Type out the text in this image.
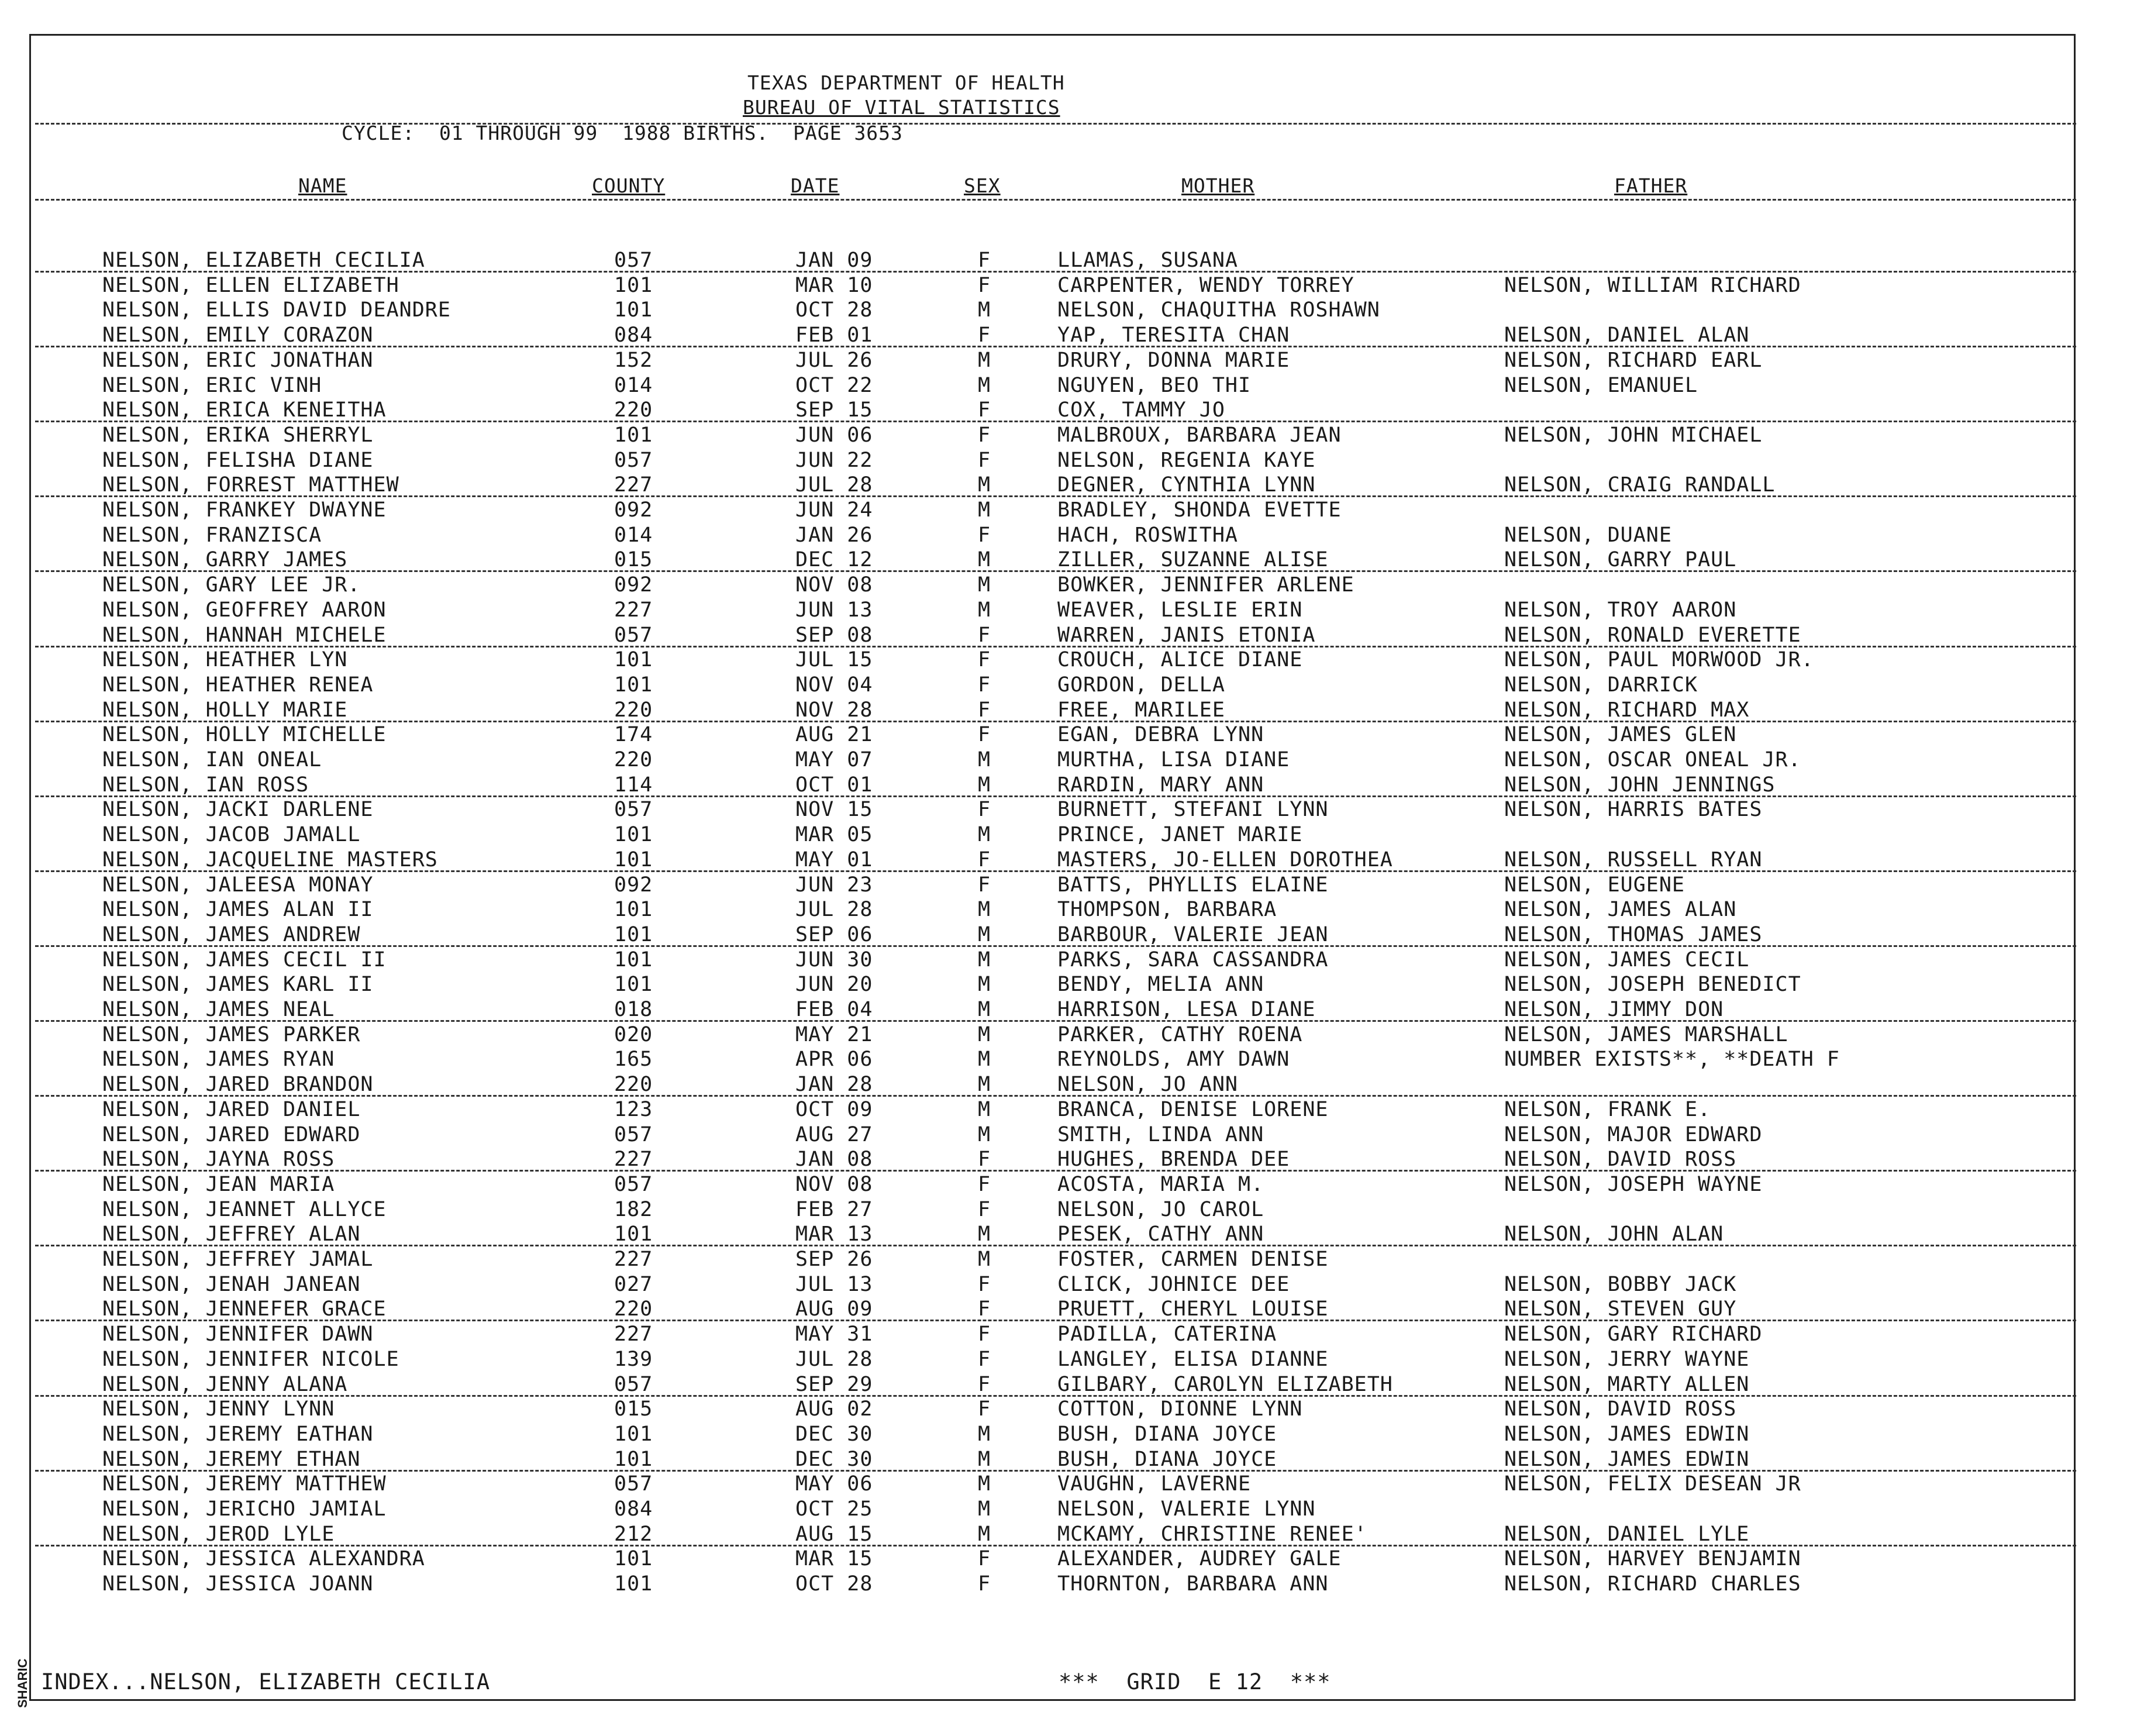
SHARIC
TEXAS DEPARTMENT OF HEALTH
BUREAU OF VITAL STATISTICS
CYCLE:  01 THROUGH 99  1988 BIRTHS.  PAGE 3653
NAME	COUNTY	DATE	SEX	MOTHER	FATHER
NELSON, ELIZABETH CECILIA	057	JAN 09	F	LLAMAS, SUSANA
NELSON, ELLEN ELIZABETH	101	MAR 10	F	CARPENTER, WENDY TORREY	NELSON, WILLIAM RICHARD
NELSON, ELLIS DAVID DEANDRE	101	OCT 28	M	NELSON, CHAQUITHA ROSHAWN
NELSON, EMILY CORAZON	084	FEB 01	F	YAP, TERESITA CHAN	NELSON, DANIEL ALAN
NELSON, ERIC JONATHAN	152	JUL 26	M	DRURY, DONNA MARIE	NELSON, RICHARD EARL
NELSON, ERIC VINH	014	OCT 22	M	NGUYEN, BEO THI	NELSON, EMANUEL
NELSON, ERICA KENEITHA	220	SEP 15	F	COX, TAMMY JO
NELSON, ERIKA SHERRYL	101	JUN 06	F	MALBROUX, BARBARA JEAN	NELSON, JOHN MICHAEL
NELSON, FELISHA DIANE	057	JUN 22	F	NELSON, REGENIA KAYE
NELSON, FORREST MATTHEW	227	JUL 28	M	DEGNER, CYNTHIA LYNN	NELSON, CRAIG RANDALL
NELSON, FRANKEY DWAYNE	092	JUN 24	M	BRADLEY, SHONDA EVETTE
NELSON, FRANZISCA	014	JAN 26	F	HACH, ROSWITHA	NELSON, DUANE
NELSON, GARRY JAMES	015	DEC 12	M	ZILLER, SUZANNE ALISE	NELSON, GARRY PAUL
NELSON, GARY LEE JR.	092	NOV 08	M	BOWKER, JENNIFER ARLENE
NELSON, GEOFFREY AARON	227	JUN 13	M	WEAVER, LESLIE ERIN	NELSON, TROY AARON
NELSON, HANNAH MICHELE	057	SEP 08	F	WARREN, JANIS ETONIA	NELSON, RONALD EVERETTE
NELSON, HEATHER LYN	101	JUL 15	F	CROUCH, ALICE DIANE	NELSON, PAUL MORWOOD JR.
NELSON, HEATHER RENEA	101	NOV 04	F	GORDON, DELLA	NELSON, DARRICK
NELSON, HOLLY MARIE	220	NOV 28	F	FREE, MARILEE	NELSON, RICHARD MAX
NELSON, HOLLY MICHELLE	174	AUG 21	F	EGAN, DEBRA LYNN	NELSON, JAMES GLEN
NELSON, IAN ONEAL	220	MAY 07	M	MURTHA, LISA DIANE	NELSON, OSCAR ONEAL JR.
NELSON, IAN ROSS	114	OCT 01	M	RARDIN, MARY ANN	NELSON, JOHN JENNINGS
NELSON, JACKI DARLENE	057	NOV 15	F	BURNETT, STEFANI LYNN	NELSON, HARRIS BATES
NELSON, JACOB JAMALL	101	MAR 05	M	PRINCE, JANET MARIE
NELSON, JACQUELINE MASTERS	101	MAY 01	F	MASTERS, JO-ELLEN DOROTHEA	NELSON, RUSSELL RYAN
NELSON, JALEESA MONAY	092	JUN 23	F	BATTS, PHYLLIS ELAINE	NELSON, EUGENE
NELSON, JAMES ALAN II	101	JUL 28	M	THOMPSON, BARBARA	NELSON, JAMES ALAN
NELSON, JAMES ANDREW	101	SEP 06	M	BARBOUR, VALERIE JEAN	NELSON, THOMAS JAMES
NELSON, JAMES CECIL II	101	JUN 30	M	PARKS, SARA CASSANDRA	NELSON, JAMES CECIL
NELSON, JAMES KARL II	101	JUN 20	M	BENDY, MELIA ANN	NELSON, JOSEPH BENEDICT
NELSON, JAMES NEAL	018	FEB 04	M	HARRISON, LESA DIANE	NELSON, JIMMY DON
NELSON, JAMES PARKER	020	MAY 21	M	PARKER, CATHY ROENA	NELSON, JAMES MARSHALL
NELSON, JAMES RYAN	165	APR 06	M	REYNOLDS, AMY DAWN	NUMBER EXISTS**, **DEATH F
NELSON, JARED BRANDON	220	JAN 28	M	NELSON, JO ANN
NELSON, JARED DANIEL	123	OCT 09	M	BRANCA, DENISE LORENE	NELSON, FRANK E.
NELSON, JARED EDWARD	057	AUG 27	M	SMITH, LINDA ANN	NELSON, MAJOR EDWARD
NELSON, JAYNA ROSS	227	JAN 08	F	HUGHES, BRENDA DEE	NELSON, DAVID ROSS
NELSON, JEAN MARIA	057	NOV 08	F	ACOSTA, MARIA M.	NELSON, JOSEPH WAYNE
NELSON, JEANNET ALLYCE	182	FEB 27	F	NELSON, JO CAROL
NELSON, JEFFREY ALAN	101	MAR 13	M	PESEK, CATHY ANN	NELSON, JOHN ALAN
NELSON, JEFFREY JAMAL	227	SEP 26	M	FOSTER, CARMEN DENISE
NELSON, JENAH JANEAN	027	JUL 13	F	CLICK, JOHNICE DEE	NELSON, BOBBY JACK
NELSON, JENNEFER GRACE	220	AUG 09	F	PRUETT, CHERYL LOUISE	NELSON, STEVEN GUY
NELSON, JENNIFER DAWN	227	MAY 31	F	PADILLA, CATERINA	NELSON, GARY RICHARD
NELSON, JENNIFER NICOLE	139	JUL 28	F	LANGLEY, ELISA DIANNE	NELSON, JERRY WAYNE
NELSON, JENNY ALANA	057	SEP 29	F	GILBARY, CAROLYN ELIZABETH	NELSON, MARTY ALLEN
NELSON, JENNY LYNN	015	AUG 02	F	COTTON, DIONNE LYNN	NELSON, DAVID ROSS
NELSON, JEREMY EATHAN	101	DEC 30	M	BUSH, DIANA JOYCE	NELSON, JAMES EDWIN
NELSON, JEREMY ETHAN	101	DEC 30	M	BUSH, DIANA JOYCE	NELSON, JAMES EDWIN
NELSON, JEREMY MATTHEW	057	MAY 06	M	VAUGHN, LAVERNE	NELSON, FELIX DESEAN JR
NELSON, JERICHO JAMIAL	084	OCT 25	M	NELSON, VALERIE LYNN
NELSON, JEROD LYLE	212	AUG 15	M	MCKAMY, CHRISTINE RENEE'	NELSON, DANIEL LYLE
NELSON, JESSICA ALEXANDRA	101	MAR 15	F	ALEXANDER, AUDREY GALE	NELSON, HARVEY BENJAMIN
NELSON, JESSICA JOANN	101	OCT 28	F	THORNTON, BARBARA ANN	NELSON, RICHARD CHARLES
INDEX...NELSON, ELIZABETH CECILIA	***  GRID  E 12  ***
